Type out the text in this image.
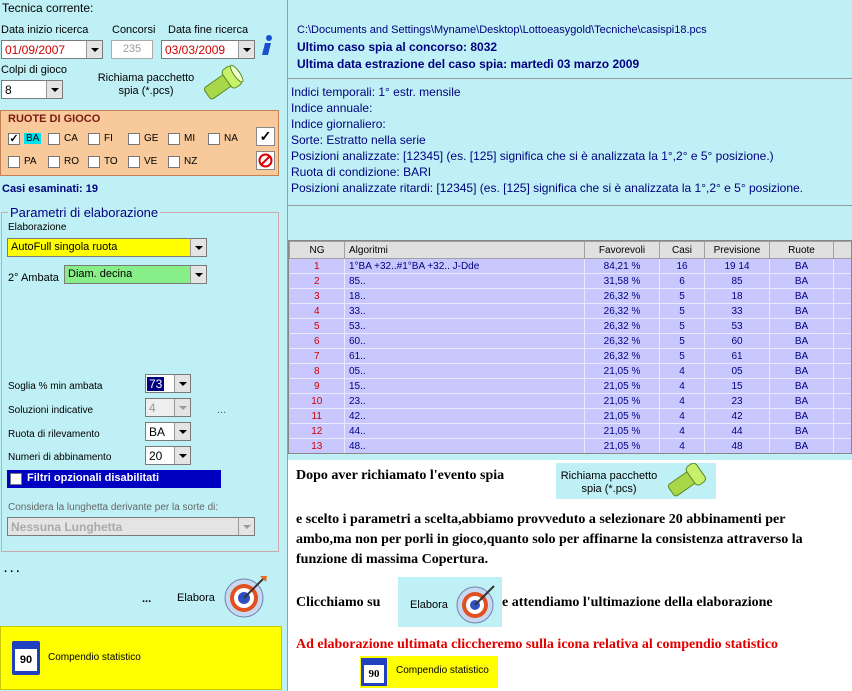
Tecnica corrente:
Data inizio ricerca
01/09/2007
Concorsi
235
Data fine ricerca
03/03/2009
Colpi di gioco
8
Richiama pacchetto spia (*.pcs)
RUOTE DI GIOCO
✓ BA CA	FI	GE	MI	NA
PA	RO	TO	VE	NZ
✓
Casi esaminati: 19
Parametri di elaborazione
Elaborazione
AutoFull singola ruota
2° Ambata Diam. decina
Soglia % min ambata	73
Soluzioni indicative	4	...
Ruota di rilevamento	BA
Numeri di abbinamento	20
Filtri opzionali disabilitati
Considera la lunghetta derivante per la sorte di:
Nessuna Lunghetta
. . .
... Elabora
90	Compendio statistico
C:\Documents and Settings\Myname\Desktop\Lottoeasygold\Tecniche\casispi18.pcs
Ultimo caso spia al concorso: 8032
Ultima data estrazione del caso spia: martedì 03 marzo 2009
Indici temporali: 1° estr. mensile
Indice annuale:
Indice giornaliero:
Sorte: Estratto nella serie
Posizioni analizzate: [12345] (es. [125] significa che si è analizzata la 1°,2° e 5° posizione.)
Ruota di condizione: BARI
Posizioni analizzate ritardi: [12345] (es. [125] significa che si è analizzata la 1°,2° e 5° posizione.
NG	Algoritmi	Favorevoli	Casi	Previsione	Ruote	
1	1°BA +32..#1°BA +32.. J-Dde	84,21 %	16	19 14	BA	
2	85..	31,58 %	6	85	BA	
3	18..	26,32 %	5	18	BA	
4	33..	26,32 %	5	33	BA	
5	53..	26,32 %	5	53	BA	
6	60..	26,32 %	5	60	BA	
7	61..	26,32 %	5	61	BA	
8	05..	21,05 %	4	05	BA	
9	15..	21,05 %	4	15	BA	
10	23..	21,05 %	4	23	BA	
11	42..	21,05 %	4	42	BA	
12	44..	21,05 %	4	44	BA	
13	48..	21,05 %	4	48	BA	
Dopo aver richiamato l'evento spia	Richiama pacchetto spia (*.pcs)
e scelto i parametri a scelta,abbiamo provveduto a selezionare 20 abbinamenti per ambo,ma non per porli in gioco,quanto solo per affinarne la consistenza attraverso la funzione di massima Copertura.
Clicchiamo su	Elabora	e attendiamo l'ultimazione della elaborazione
Ad elaborazione ultimata cliccheremo sulla icona relativa al compendio statistico
90	Compendio statistico
